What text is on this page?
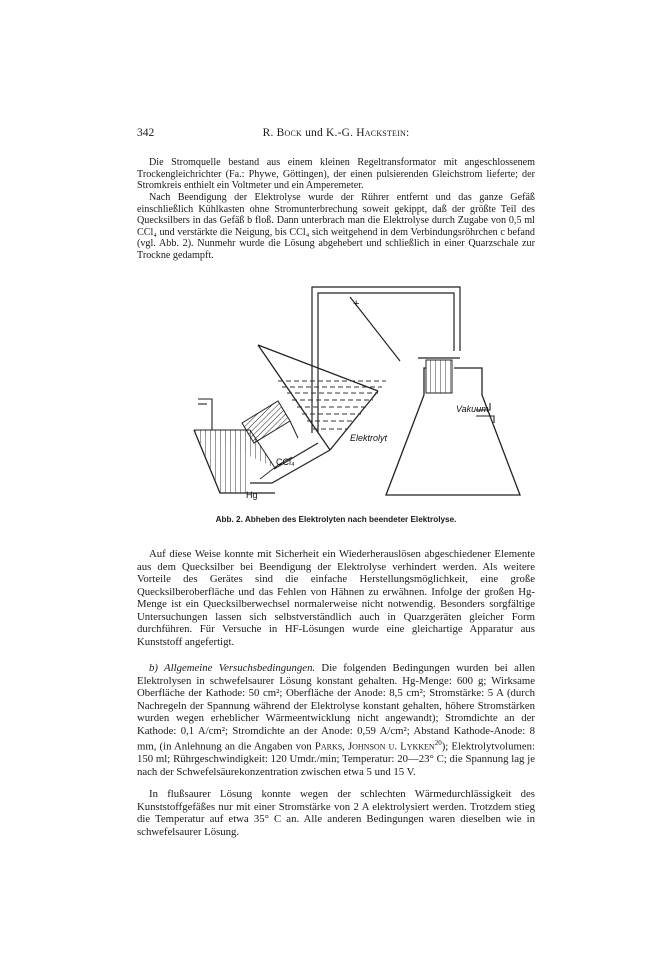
342	R. Bock und K.-G. Hackstein:

Die Stromquelle bestand aus einem kleinen Regeltransformator mit angeschlossenem Trockengleichrichter (Fa.: Phywe, Göttingen), der einen pulsierenden Gleichstrom lieferte; der Stromkreis enthielt ein Voltmeter und ein Amperemeter.

Nach Beendigung der Elektrolyse wurde der Rührer entfernt und das ganze Gefäß einschließlich Kühlkasten ohne Stromunterbrechung soweit gekippt, daß der größte Teil des Quecksilbers in das Gefäß b floß. Dann unterbrach man die Elektrolyse durch Zugabe von 0,5 ml CCl₄ und verstärkte die Neigung, bis CCl₄ sich weitgehend in dem Verbindungsröhrchen c befand (vgl. Abb. 2). Nunmehr wurde die Lösung abgehebert und schließlich in einer Quarzschale zur Trockne gedampft.

+
Elektrolyt
CCl₄
Hg
Vakuum
Abb. 2. Abheben des Elektrolyten nach beendeter Elektrolyse.

Auf diese Weise konnte mit Sicherheit ein Wiederherauslösen abgeschiedener Elemente aus dem Quecksilber bei Beendigung der Elektrolyse verhindert werden. Als weitere Vorteile des Gerätes sind die einfache Herstellungsmöglichkeit, eine große Quecksilberoberfläche und das Fehlen von Hähnen zu erwähnen. Infolge der großen Hg-Menge ist ein Quecksilberwechsel normalerweise nicht notwendig. Besonders sorgfältige Untersuchungen lassen sich selbstverständlich auch in Quarzgeräten gleicher Form durchführen. Für Versuche in HF-Lösungen wurde eine gleichartige Apparatur aus Kunststoff angefertigt.

b) Allgemeine Versuchsbedingungen. Die folgenden Bedingungen wurden bei allen Elektrolysen in schwefelsaurer Lösung konstant gehalten. Hg-Menge: 600 g; Wirksame Oberfläche der Kathode: 50 cm²; Oberfläche der Anode: 8,5 cm²; Stromstärke: 5 A (durch Nachregeln der Spannung während der Elektrolyse konstant gehalten, höhere Stromstärken wurden wegen erheblicher Wärmeentwicklung nicht angewandt); Stromdichte an der Kathode: 0,1 A/cm²; Stromdichte an der Anode: 0,59 A/cm²; Abstand Kathode-Anode: 8 mm, (in Anlehnung an die Angaben von Parks, Johnson u. Lykken$^{20}$); Elektrolytvolumen: 150 ml; Rührgeschwindigkeit: 120 Umdr./min; Temperatur: 20—23° C; die Spannung lag je nach der Schwefelsäurekonzentration zwischen etwa 5 und 15 V.

In flußsaurer Lösung konnte wegen der schlechten Wärmedurchlässigkeit des Kunststoffgefäßes nur mit einer Stromstärke von 2 A elektrolysiert werden. Trotzdem stieg die Temperatur auf etwa 35° C an. Alle anderen Bedingungen waren dieselben wie in schwefelsaurer Lösung.
